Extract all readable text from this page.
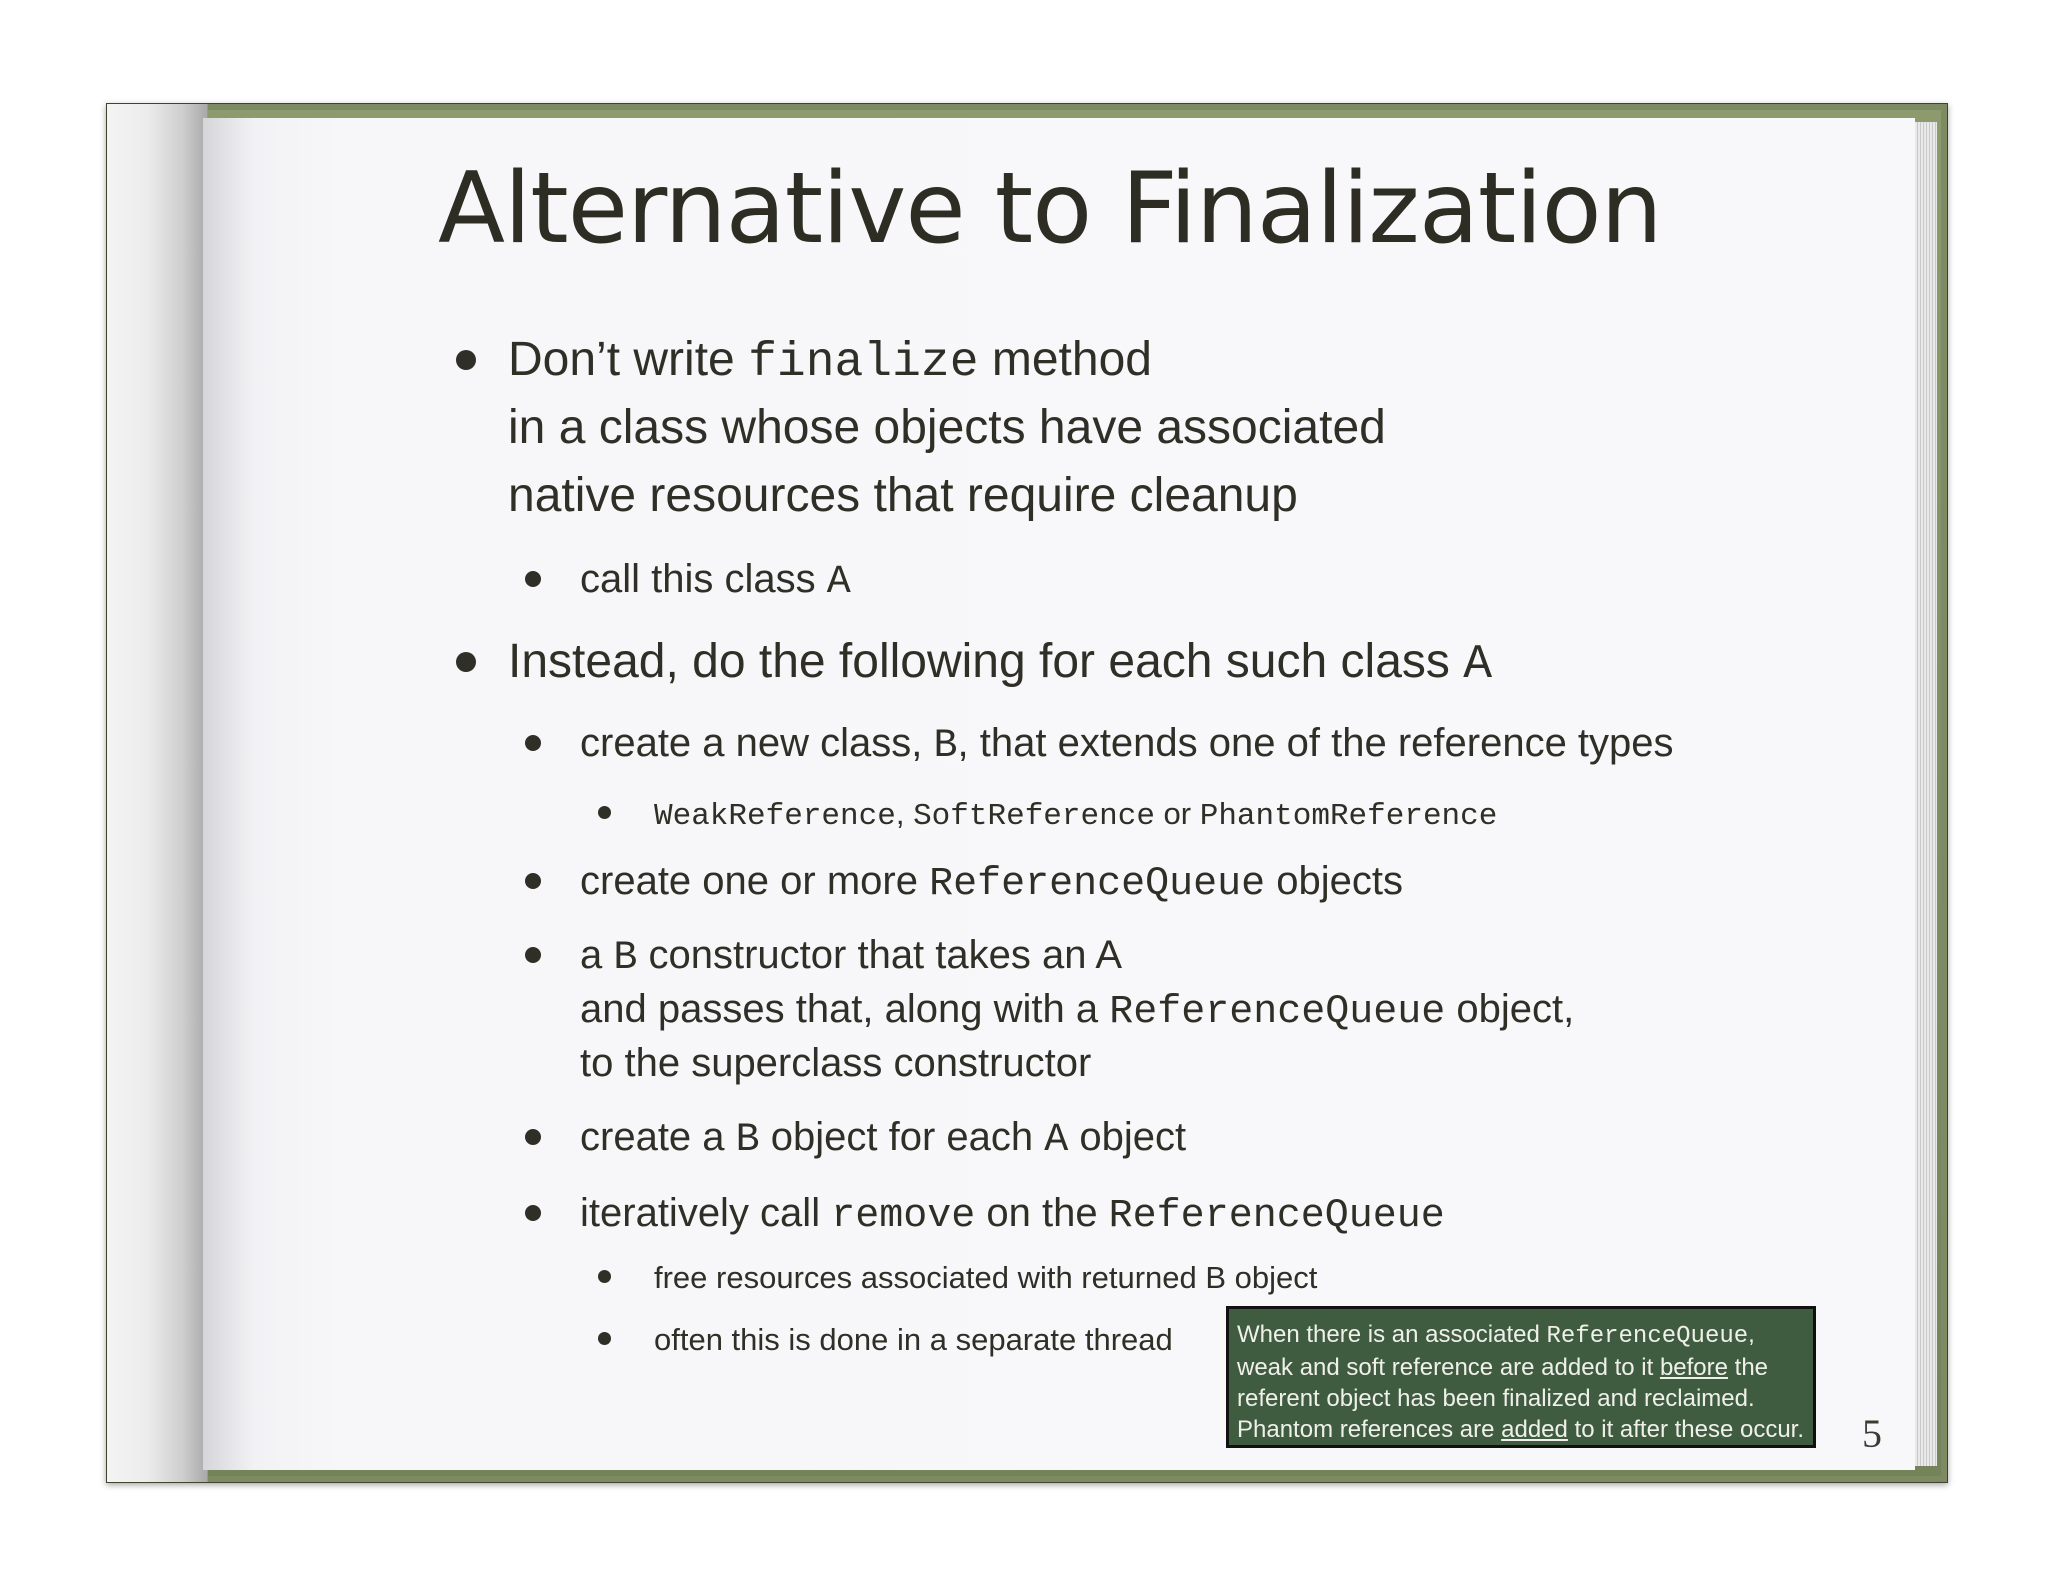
Alternative to Finalization
Don’t write finalize method
in a class whose objects have associated
native resources that require cleanup
call this class A
Instead, do the following for each such class A
create a new class, B, that extends one of the reference types
WeakReference, SoftReference or PhantomReference
create one or more ReferenceQueue objects
a B constructor that takes an A
and passes that, along with a ReferenceQueue object,
to the superclass constructor
create a B object for each A object
iteratively call remove on the ReferenceQueue
free resources associated with returned B object
often this is done in a separate thread	When there is an associated ReferenceQueue,
weak and soft reference are added to it before the
referent object has been finalized and reclaimed.
Phantom references are added to it after these occur. 5
